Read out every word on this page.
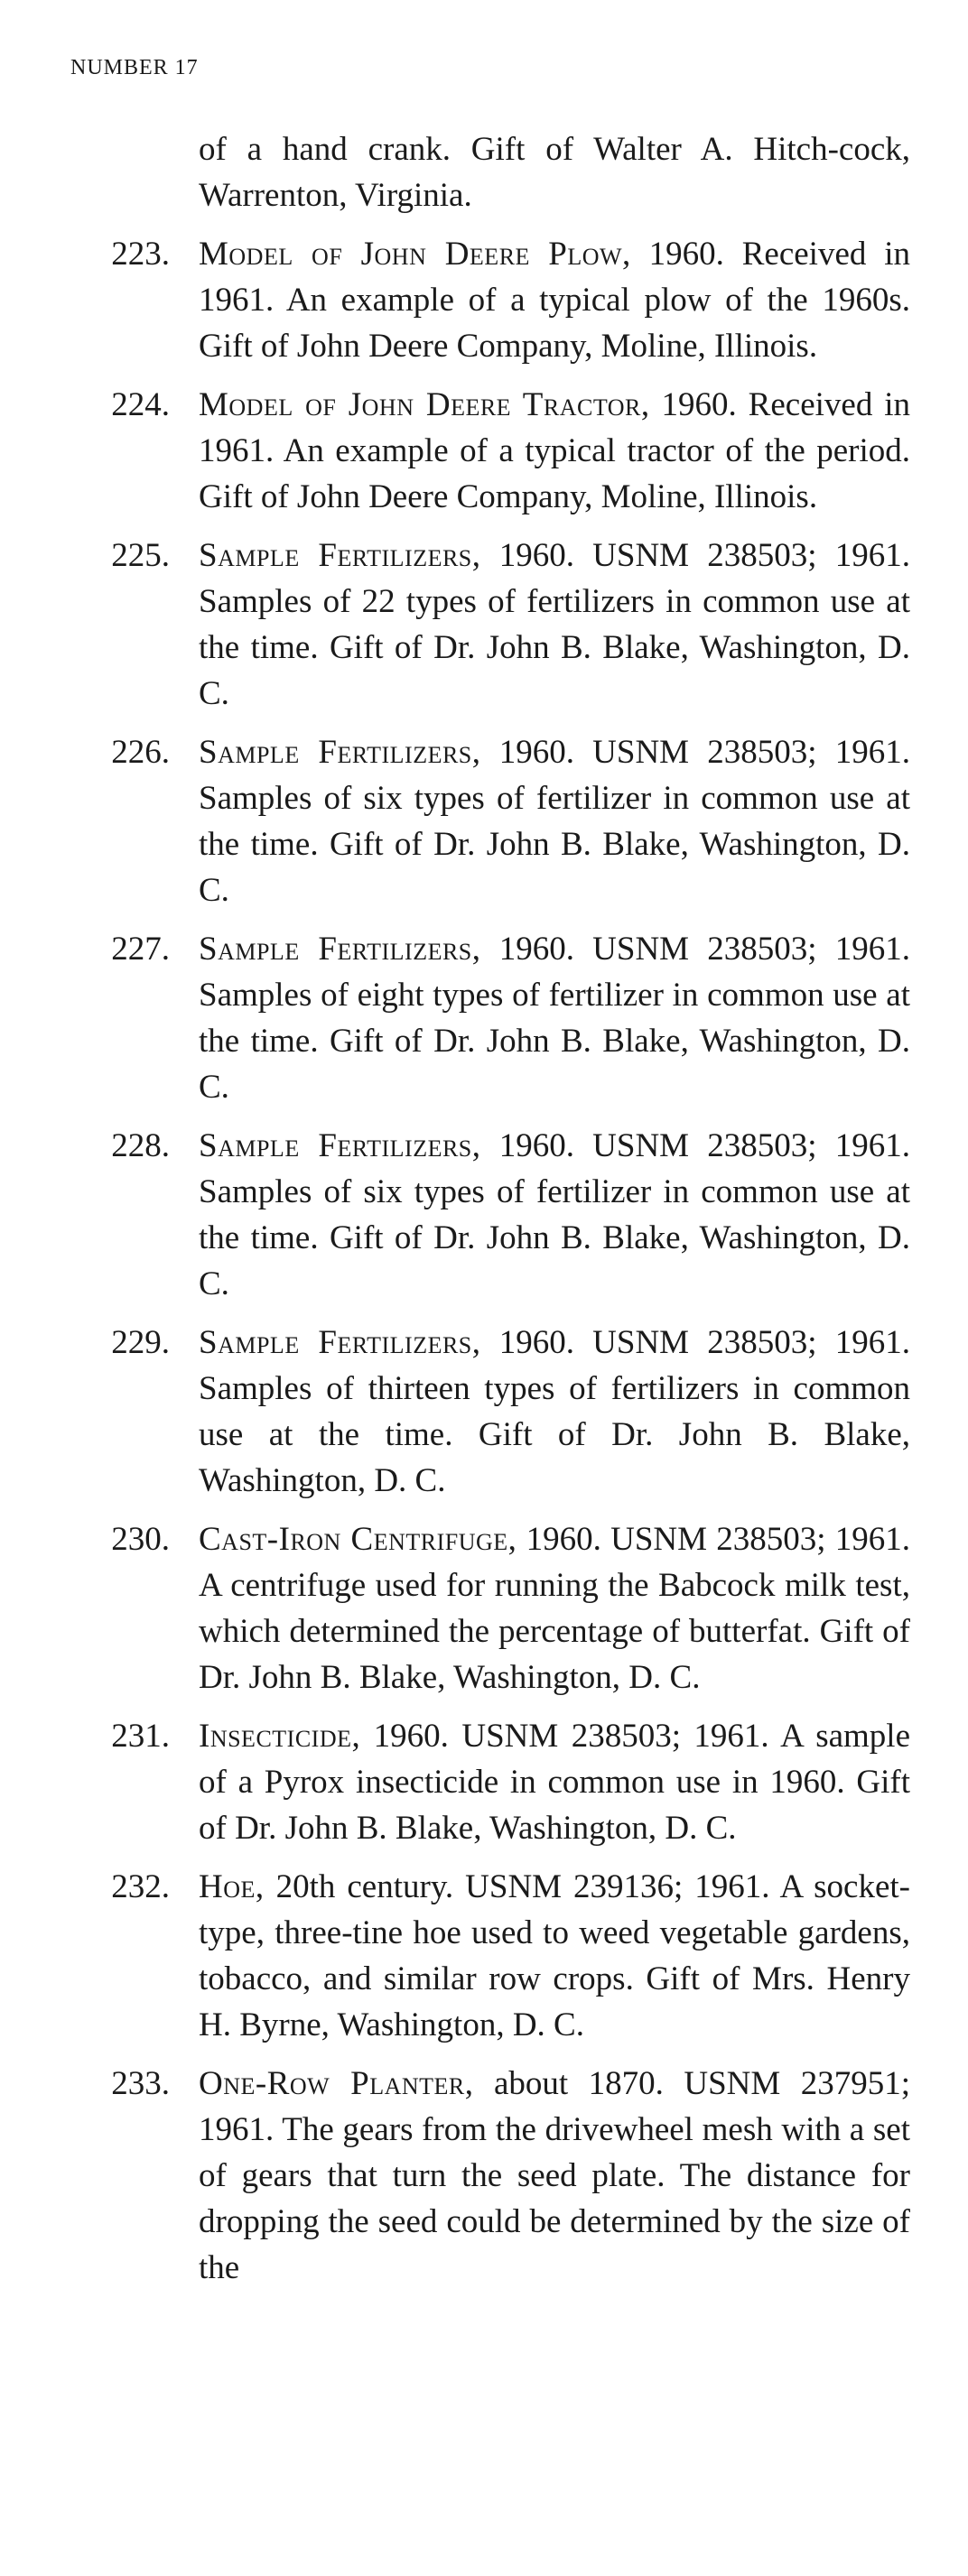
NUMBER 17
of a hand crank. Gift of Walter A. Hitch-cock, Warrenton, Virginia.
223. Model of John Deere Plow, 1960. Received in 1961. An example of a typical plow of the 1960s. Gift of John Deere Company, Moline, Illinois.
224. Model of John Deere Tractor, 1960. Received in 1961. An example of a typical tractor of the period. Gift of John Deere Company, Moline, Illinois.
225. Sample Fertilizers, 1960. USNM 238503; 1961. Samples of 22 types of fertilizers in common use at the time. Gift of Dr. John B. Blake, Washington, D. C.
226. Sample Fertilizers, 1960. USNM 238503; 1961. Samples of six types of fertilizer in common use at the time. Gift of Dr. John B. Blake, Washington, D. C.
227. Sample Fertilizers, 1960. USNM 238503; 1961. Samples of eight types of fertilizer in common use at the time. Gift of Dr. John B. Blake, Washington, D. C.
228. Sample Fertilizers, 1960. USNM 238503; 1961. Samples of six types of fertilizer in common use at the time. Gift of Dr. John B. Blake, Washington, D. C.
229. Sample Fertilizers, 1960. USNM 238503; 1961. Samples of thirteen types of fertilizers in common use at the time. Gift of Dr. John B. Blake, Washington, D. C.
230. Cast-Iron Centrifuge, 1960. USNM 238503; 1961. A centrifuge used for running the Babcock milk test, which determined the percentage of butterfat. Gift of Dr. John B. Blake, Washington, D. C.
231. Insecticide, 1960. USNM 238503; 1961. A sample of a Pyrox insecticide in common use in 1960. Gift of Dr. John B. Blake, Washington, D. C.
232. Hoe, 20th century. USNM 239136; 1961. A socket-type, three-tine hoe used to weed vegetable gardens, tobacco, and similar row crops. Gift of Mrs. Henry H. Byrne, Washington, D. C.
233. One-Row Planter, about 1870. USNM 237951; 1961. The gears from the drivewheel mesh with a set of gears that turn the seed plate. The distance for dropping the seed could be determined by the size of the
